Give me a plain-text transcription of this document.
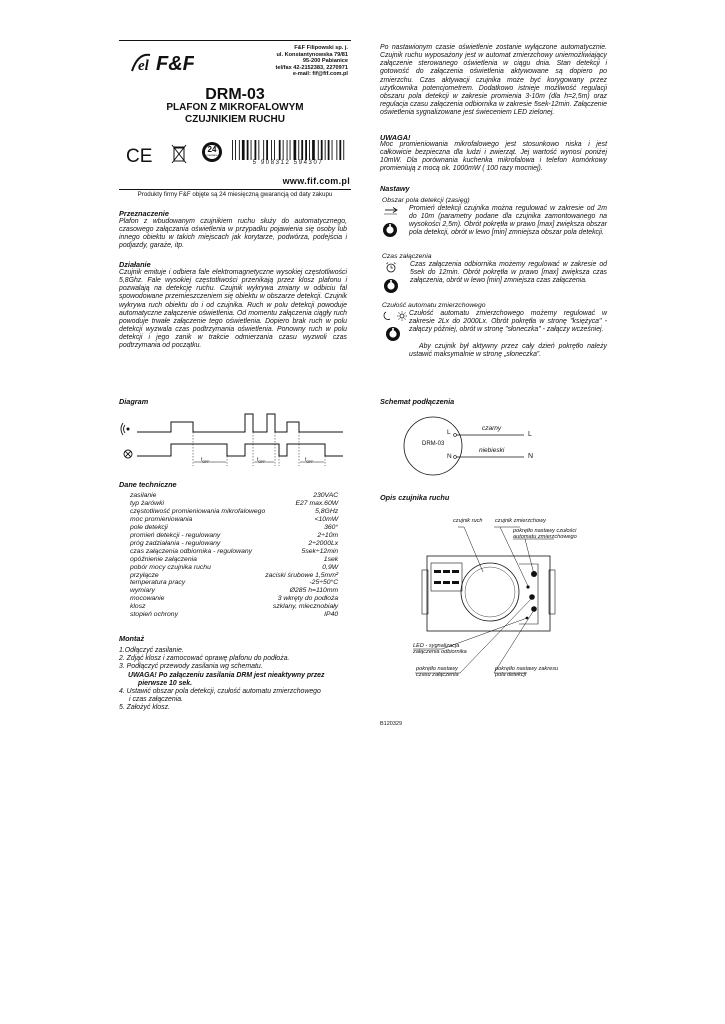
el F&F
F&F Filipowski sp. j.
ul. Konstantynowska 79/81
95-200 Pabianice
tel/fax 42-2152383, 2270971
e-mail: fif@fif.com.pl
DRM-03
PLAFON Z MIKROFALOWYM
CZUJNIKIEM RUCHU
CE	24
miesiące
5 908312 594307
www.fif.com.pl
Produkty firmy F&F objęte są 24 miesięczną gwarancją od daty zakupu
Przeznaczenie
Plafon z wbudowanym czujnikiem ruchu służy do automatycznego, czasowego załączania oświetlenia w przypadku pojawienia się osoby lub innego obiektu w takich miejscach jak korytarze, podwórza, podejścia i podjazdy, garaże, itp.
Działanie
Czujnik emituje i odbiera fale elektromagnetyczne wysokiej częstotliwości 5,8Ghz. Fale wysokiej częstotliwości przenikają przez klosz plafonu i pozwalają na detekcję ruchu. Czujnik wykrywa zmiany w odbiciu fal spowodowane przemieszczeniem się obiektu w obszarze detekcji. Czujnik wykrywa ruch obiektu do i od czujnika. Ruch w polu detekcji powoduje automatyczne załączenie oświetlenia. Od momentu załączenia ciągły ruch powoduje trwałe załączenie tego oświetlenia. Dopiero brak ruch w polu detekcji wyzwala czas podtrzymania oświetlenia. Ponowny ruch w polu detekcji i jego zanik w trakcie odmierzania czasu wyzwoli czas podtrzymania od początku.
Diagram
$t_{OFF}$	$t_{OFF}$	$t_{OFF}$
Dane techniczne
zasilanie	230VAC
typ żarówki	E27 max.60W
częstotliwość promieniowania mikrofalowego	5,8GHz
moc promieniowania	<10mW
pole detekcji	360°
promień detekcji - regulowany	2÷10m
próg zadziałania - regulowany	2÷2000Lx
czas załączenia odbiornika - regulowany	5sek÷12min
opóźnienie załączenia	1sek
pobór mocy czujnika ruchu	0,9W
przyłącze	zaciski śrubowe 1,5mm²
temperatura pracy	-25÷50°C
wymiary	Ø285 h=110mm
mocowanie	3 wkręty do podłoża
klosz	szklany, mlecznobiały
stopień ochrony	IP40
Montaż
1.Odłączyć zasilanie.
2. Zdjąć klosz i zamocować oprawę plafonu do podłoża.
3. Podłączyć przewody zasilania wg schematu.
UWAGA! Po załączeniu zasilania DRM jest nieaktywny przez
pierwsze 10 sek.
4. Ustawić obszar pola detekcji, czułość automatu zmierzchowego
i czas załączenia.
5. Założyć klosz.
Po nastawionym czasie oświetlenie zostanie wyłączone automatycznie. Czujnik ruchu wyposażony jest w automat zmierzchowy uniemożliwiający załączenie sterowanego oświetlenia w ciągu dnia. Stan detekcji i gotowość do załączenia oświetlenia aktywowane są dopiero po zmierzchu. Czas aktywacji czujnika może być korygowany przez użytkownika potencjometrem. Dodatkowo istnieje możliwość regulacji obszaru pola detekcji w zakresie promienia 3-10m (dla h=2,5m) oraz regulacja czasu załączenia odbiornika w zakresie 5sek-12min. Załączenie oświetlenia sygnalizowane jest świeceniem LED zielonej.
UWAGA!
Moc promieniowania mikrofalowego jest stosunkowo niska i jest całkowicie bezpieczna dla ludzi i zwierząt. Jej wartość wynosi poniżej 10mW. Dla porównania kuchenka mikrofalowa i telefon komórkowy promieniują z mocą ok. 1000mW ( 100 razy mocniej).
Nastawy
Obszar pola detekcji (zasięg)
Promień detekcji czujnika można regulować w zakresie od 2m do 10m (parametry podane dla czujnika zamontowanego na wysokości 2,5m). Obrót pokrętła w prawo [max] zwiększa obszar pola detekcji, obrót w lewo [min] zmniejsza obszar pola detekcji.
Czas załączenia
Czas załączenia odbiornika możemy regulować w zakresie od 5sek do 12min. Obrót pokrętła w prawo [max] zwiększa czas załączenia, obrót w lewo [min] zmniejsza czas załączenia.
Czułość automatu zmierzchowego
Czułość automatu zmierzchowego możemy regulować w zakresie 2Lx do 2000Lx. Obrót pokrętła w stronę "księżyca" - załączy później, obrót w stronę "słoneczka" - załączy wcześniej.
Aby czujnik był aktywny przez cały dzień pokrętło należy ustawić maksymalnie w stronę „słoneczka”.
Schemat podłączenia
DRM-03
L
N
czarny
niebieski
L
N
Opis czujnika ruchu
czujnik ruch czujnik zmierzchowy
pokrętło nastawy czułości automatu zmierzchowego
LED - sygnalizacja załączenia odbiornika
pokrętło nastawy czasu załączenia
pokrętło nastawy zakresu pola detekcji
B120329
